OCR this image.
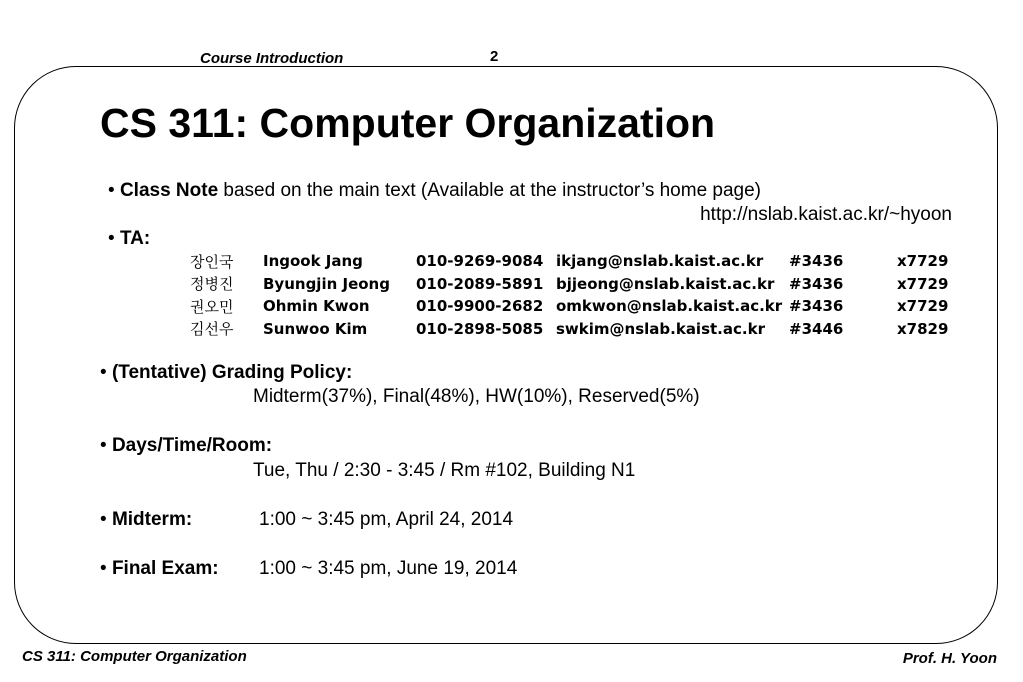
Course Introduction	2
CS 311: Computer Organization
• Class Note based on the main text (Available at the instructor’s home page)
http://nslab.kaist.ac.kr/~hyoon
• TA:
장인국	Ingook Jang	010-9269-9084	ikjang@nslab.kaist.ac.kr	#3436	x7729
정병진	Byungjin Jeong	010-2089-5891	bjjeong@nslab.kaist.ac.kr	#3436	x7729
권오민	Ohmin Kwon	010-9900-2682	omkwon@nslab.kaist.ac.kr	#3436	x7729
김선우	Sunwoo Kim	010-2898-5085	swkim@nslab.kaist.ac.kr	#3446	x7829
• (Tentative) Grading Policy:
Midterm(37%), Final(48%), HW(10%), Reserved(5%)
• Days/Time/Room:
Tue, Thu / 2:30 - 3:45 / Rm #102, Building N1
• Midterm:	1:00 ~ 3:45 pm, April 24, 2014
• Final Exam: 1:00 ~ 3:45 pm, June 19, 2014
CS 311: Computer Organization	Prof. H. Yoon
